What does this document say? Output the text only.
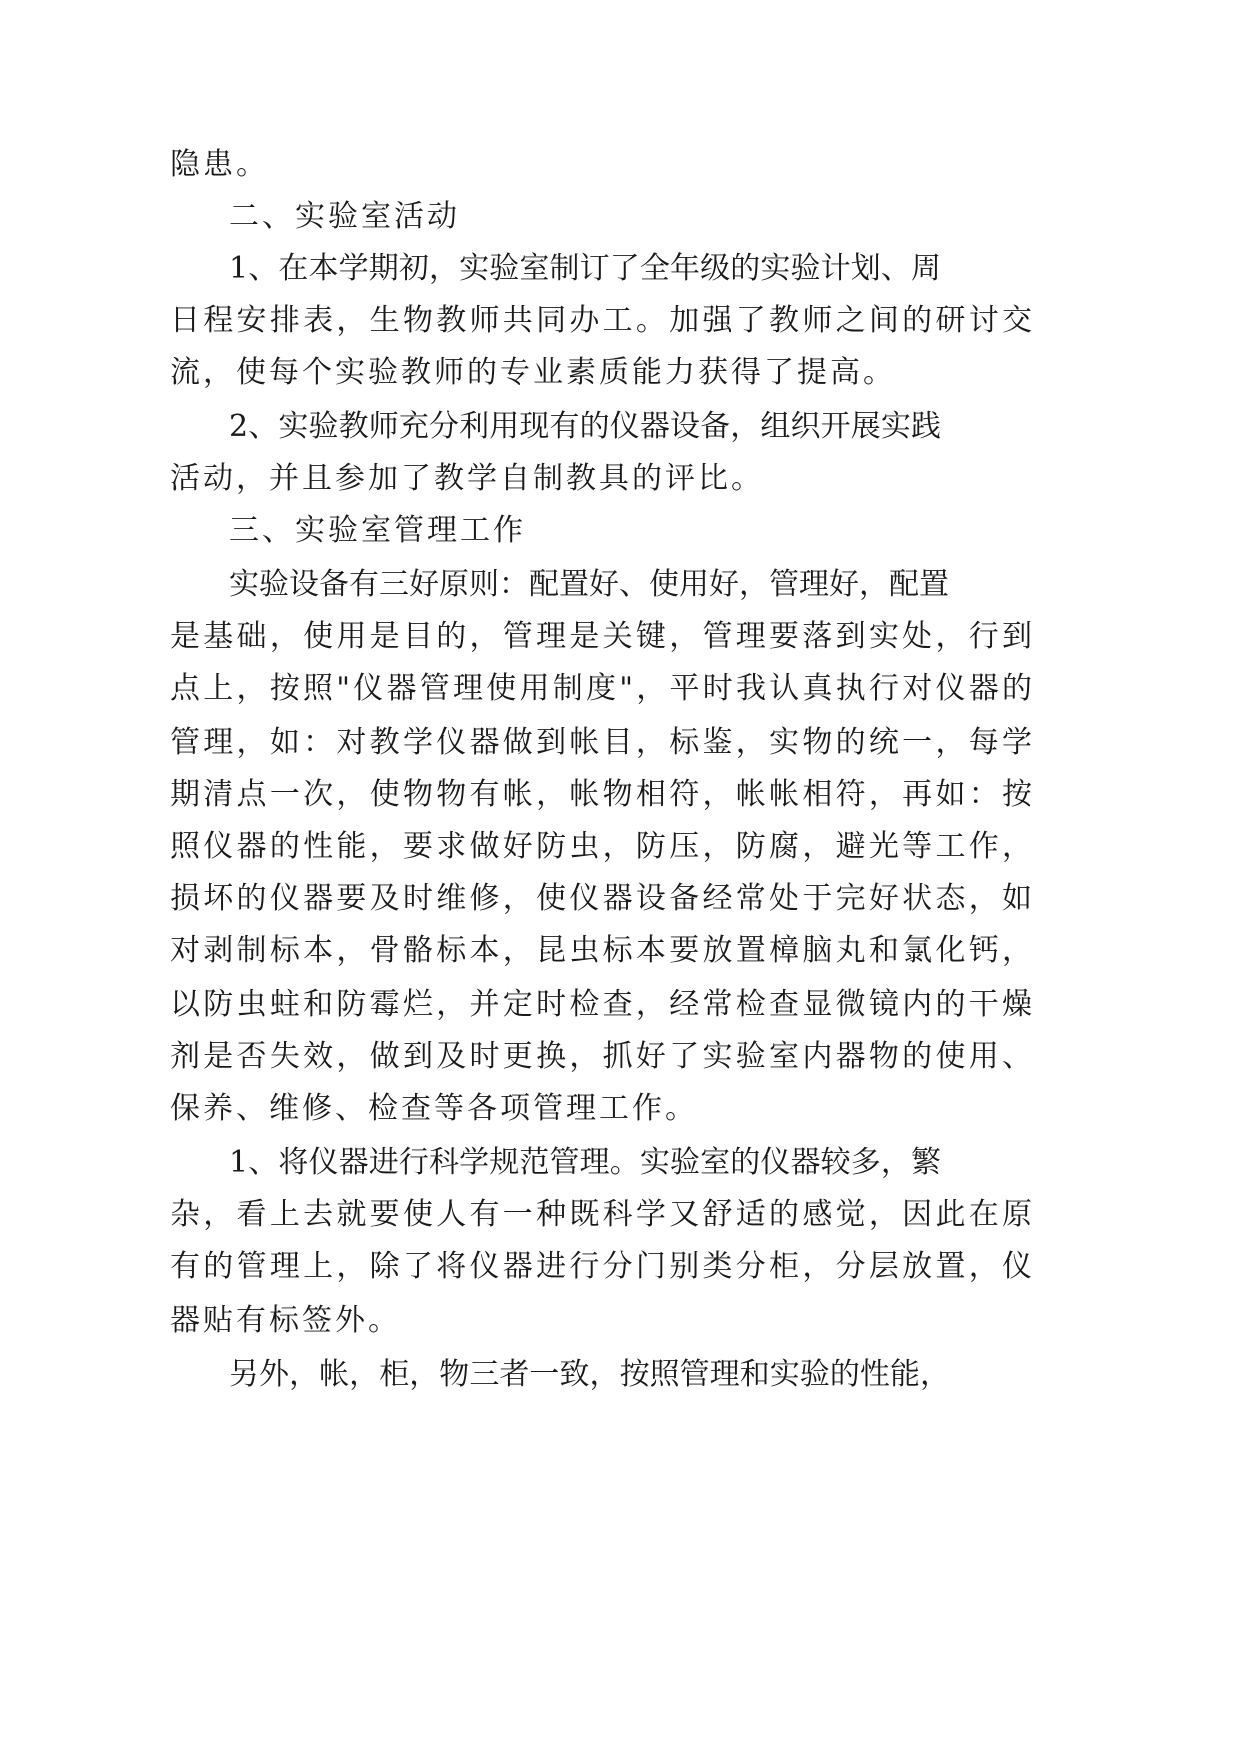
隐患。
二、实验室活动
1、在本学期初，实验室制订了全年级的实验计划、周
日程安排表，生物教师共同办工。加强了教师之间的研讨交
流，使每个实验教师的专业素质能力获得了提高。
2、实验教师充分利用现有的仪器设备，组织开展实践
活动，并且参加了教学自制教具的评比。
三、实验室管理工作
实验设备有三好原则：配置好、使用好，管理好，配置
是基础，使用是目的，管理是关键，管理要落到实处，行到
点上，按照"仪器管理使用制度"，平时我认真执行对仪器的
管理，如：对教学仪器做到帐目，标鉴，实物的统一，每学
期清点一次，使物物有帐，帐物相符，帐帐相符，再如：按
照仪器的性能，要求做好防虫，防压，防腐，避光等工作，
损坏的仪器要及时维修，使仪器设备经常处于完好状态，如
对剥制标本，骨骼标本，昆虫标本要放置樟脑丸和氯化钙，
以防虫蛀和防霉烂，并定时检查，经常检查显微镜内的干燥
剂是否失效，做到及时更换，抓好了实验室内器物的使用、
保养、维修、检查等各项管理工作。
1、将仪器进行科学规范管理。实验室的仪器较多，繁
杂，看上去就要使人有一种既科学又舒适的感觉，因此在原
有的管理上，除了将仪器进行分门别类分柜，分层放置，仪
器贴有标签外。
另外，帐，柜，物三者一致，按照管理和实验的性能，
